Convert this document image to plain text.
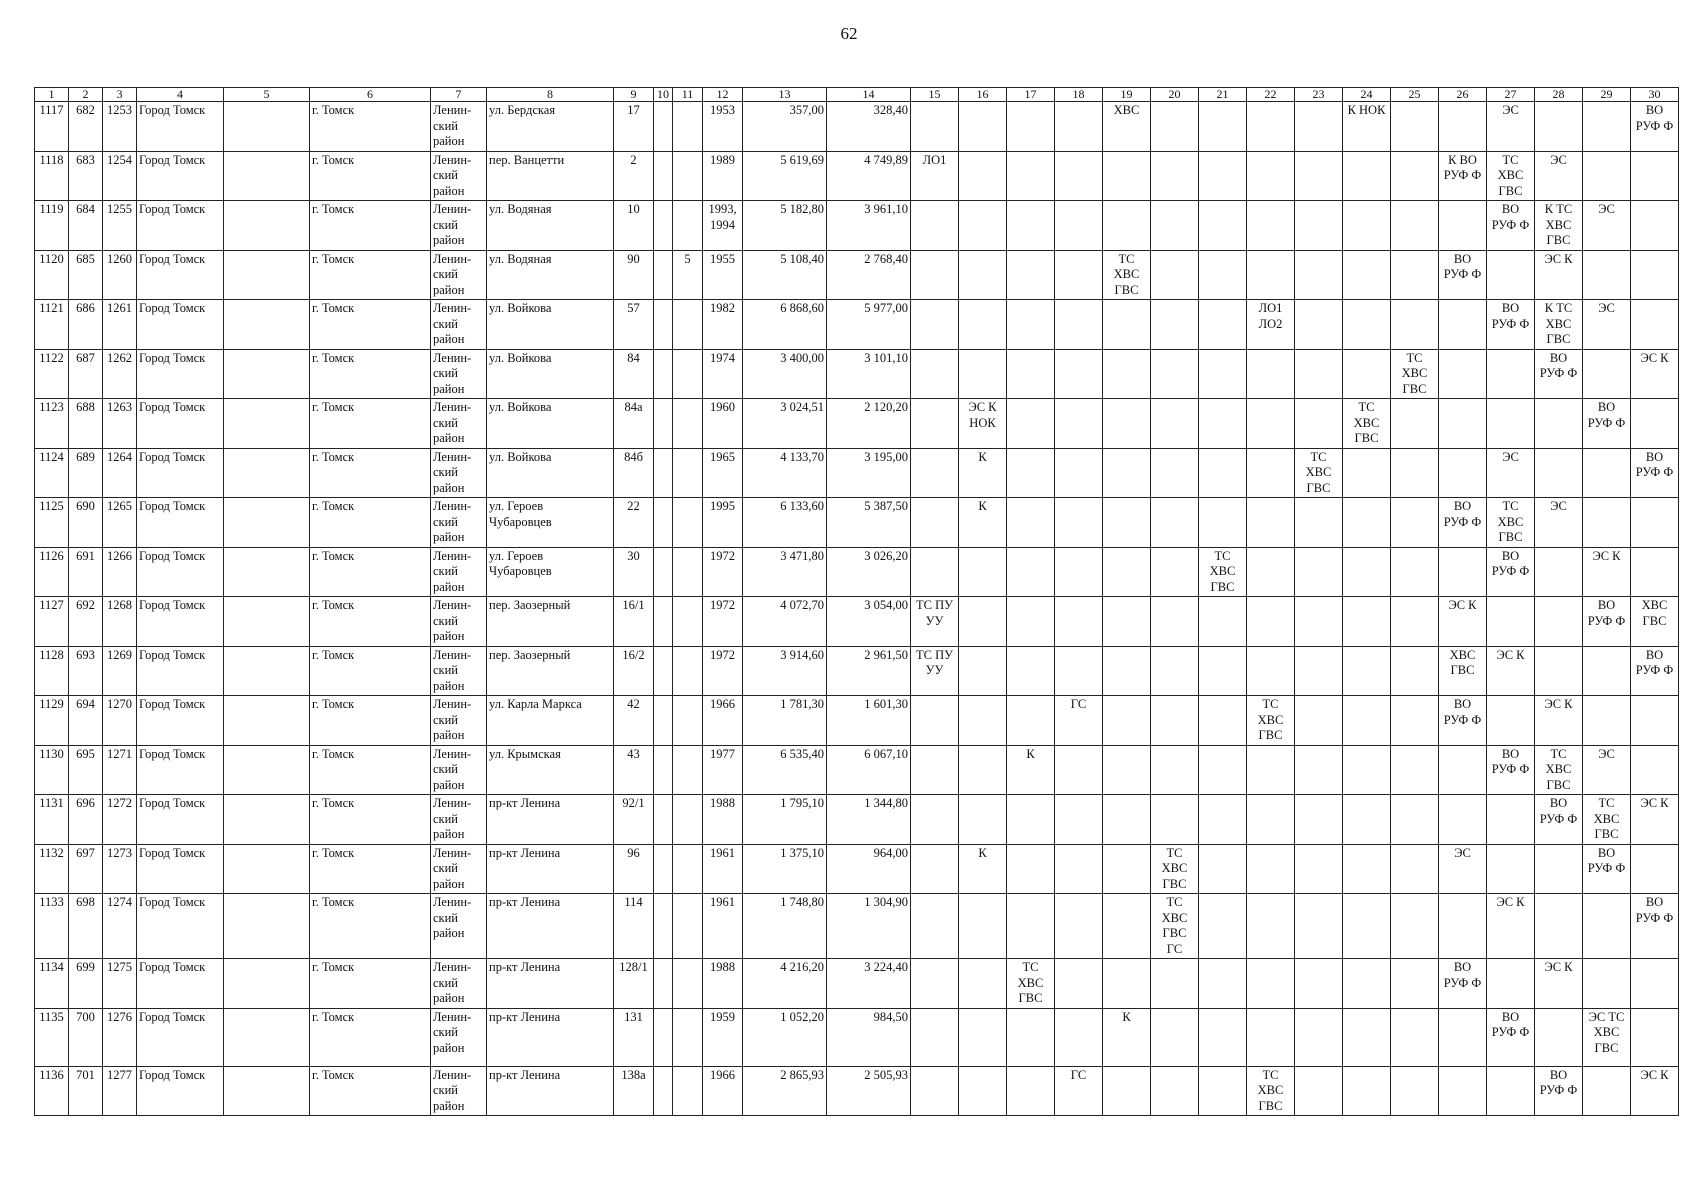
62
1	2	3	4	5	6	7	8	9	10	11	12	13	14	15	16	17	18	19	20	21	22	23	24	25	26	27	28	29	30
1117	682	1253	Город Томск		г. Томск	Ленин-
ский
район	ул. Бердская	17			1953	357,00	328,40					ХВС					К НОК			ЭС			ВО
РУФ Ф
1118	683	1254	Город Томск		г. Томск	Ленин-
ский
район	пер. Ванцетти	2			1989	5 619,69	4 749,89	ЛО1											К ВО
РУФ Ф	ТС
ХВС
ГВС	ЭС		
1119	684	1255	Город Томск		г. Томск	Ленин-
ский
район	ул. Водяная	10			1993,
1994	5 182,80	3 961,10													ВО
РУФ Ф	К ТС
ХВС
ГВС	ЭС	
1120	685	1260	Город Томск		г. Томск	Ленин-
ский
район	ул. Водяная	90		5	1955	5 108,40	2 768,40					ТС
ХВС
ГВС							ВО
РУФ Ф		ЭС К		
1121	686	1261	Город Томск		г. Томск	Ленин-
ский
район	ул. Войкова	57			1982	6 868,60	5 977,00								ЛО1
ЛО2					ВО
РУФ Ф	К ТС
ХВС
ГВС	ЭС	
1122	687	1262	Город Томск		г. Томск	Ленин-
ский
район	ул. Войкова	84			1974	3 400,00	3 101,10											ТС
ХВС
ГВС			ВО
РУФ Ф		ЭС К
1123	688	1263	Город Томск		г. Томск	Ленин-
ский
район	ул. Войкова	84а			1960	3 024,51	2 120,20		ЭС К
НОК								ТС
ХВС
ГВС					ВО
РУФ Ф	
1124	689	1264	Город Томск		г. Томск	Ленин-
ский
район	ул. Войкова	84б			1965	4 133,70	3 195,00		К							ТС
ХВС
ГВС				ЭС			ВО
РУФ Ф
1125	690	1265	Город Томск		г. Томск	Ленин-
ский
район	ул. Героев
Чубаровцев	22			1995	6 133,60	5 387,50		К										ВО
РУФ Ф	ТС
ХВС
ГВС	ЭС		
1126	691	1266	Город Томск		г. Томск	Ленин-
ский
район	ул. Героев
Чубаровцев	30			1972	3 471,80	3 026,20							ТС
ХВС
ГВС						ВО
РУФ Ф		ЭС К	
1127	692	1268	Город Томск		г. Томск	Ленин-
ский
район	пер. Заозерный	16/1			1972	4 072,70	3 054,00	ТС ПУ
УУ											ЭС К			ВО
РУФ Ф	ХВС
ГВС
1128	693	1269	Город Томск		г. Томск	Ленин-
ский
район	пер. Заозерный	16/2			1972	3 914,60	2 961,50	ТС ПУ
УУ											ХВС
ГВС	ЭС К			ВО
РУФ Ф
1129	694	1270	Город Томск		г. Томск	Ленин-
ский
район	ул. Карла Маркса	42			1966	1 781,30	1 601,30				ГС				ТС
ХВС
ГВС				ВО
РУФ Ф		ЭС К		
1130	695	1271	Город Томск		г. Томск	Ленин-
ский
район	ул. Крымская	43			1977	6 535,40	6 067,10			К										ВО
РУФ Ф	ТС
ХВС
ГВС	ЭС	
1131	696	1272	Город Томск		г. Томск	Ленин-
ский
район	пр-кт Ленина	92/1			1988	1 795,10	1 344,80														ВО
РУФ Ф	ТС
ХВС
ГВС	ЭС К
1132	697	1273	Город Томск		г. Томск	Ленин-
ский
район	пр-кт Ленина	96			1961	1 375,10	964,00		К				ТС
ХВС
ГВС						ЭС			ВО
РУФ Ф	
1133	698	1274	Город Томск		г. Томск	Ленин-
ский
район	пр-кт Ленина	114			1961	1 748,80	1 304,90						ТС
ХВС
ГВС
ГС							ЭС К			ВО
РУФ Ф
1134	699	1275	Город Томск		г. Томск	Ленин-
ский
район	пр-кт Ленина	128/1			1988	4 216,20	3 224,40			ТС
ХВС
ГВС									ВО
РУФ Ф		ЭС К		
1135	700	1276	Город Томск		г. Томск	Ленин-
ский
район	пр-кт Ленина	131			1959	1 052,20	984,50					К								ВО
РУФ Ф		ЭС ТС
ХВС
ГВС	
1136	701	1277	Город Томск		г. Томск	Ленин-
ский
район	пр-кт Ленина	138а			1966	2 865,93	2 505,93				ГС				ТС
ХВС
ГВС						ВО
РУФ Ф		ЭС К
